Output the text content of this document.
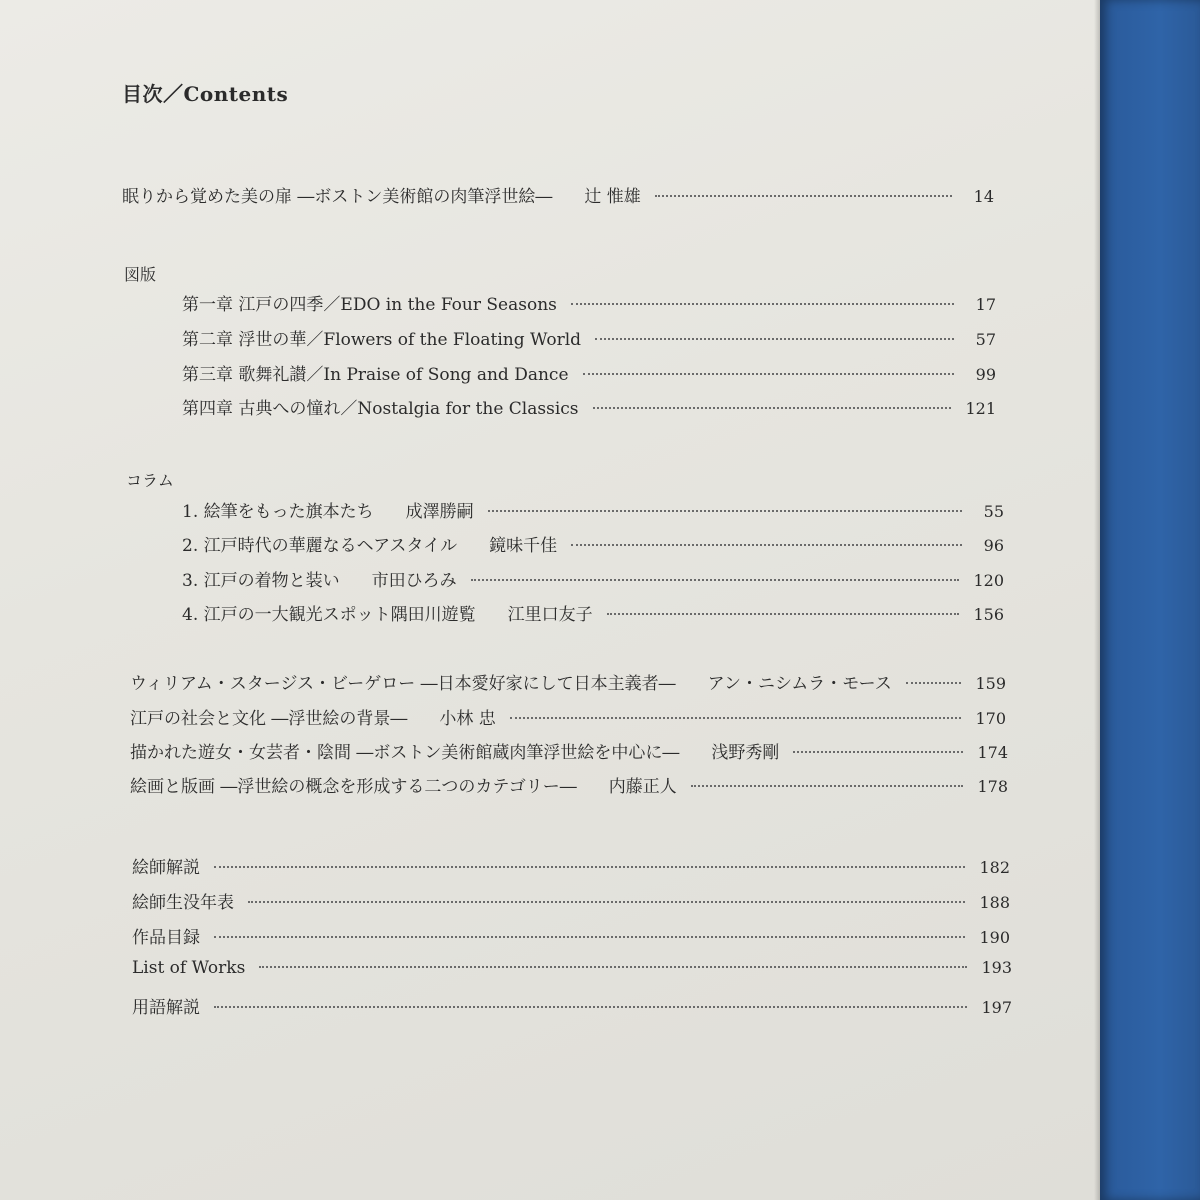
目次／Contents
眠りから覚めた美の扉 ―ボストン美術館の肉筆浮世絵― 辻 惟雄	14
図版
第一章 江戸の四季／EDO in the Four Seasons	17
第二章 浮世の華／Flowers of the Floating World	57
第三章 歌舞礼讃／In Praise of Song and Dance	99
第四章 古典への憧れ／Nostalgia for the Classics	121
コラム
1. 絵筆をもった旗本たち 成澤勝嗣	55
2. 江戸時代の華麗なるヘアスタイル 鏡味千佳	96
3. 江戸の着物と装い 市田ひろみ	120
4. 江戸の一大観光スポット隅田川遊覧 江里口友子	156
ウィリアム・スタージス・ビーゲロー ―日本愛好家にして日本主義者― アン・ニシムラ・モース	159
江戸の社会と文化 ―浮世絵の背景― 小林 忠	170
描かれた遊女・女芸者・陰間 ―ボストン美術館蔵肉筆浮世絵を中心に― 浅野秀剛	174
絵画と版画 ―浮世絵の概念を形成する二つのカテゴリー― 内藤正人	178
絵師解説	182
絵師生没年表	188
作品目録	190
List of Works	193
用語解説	197
